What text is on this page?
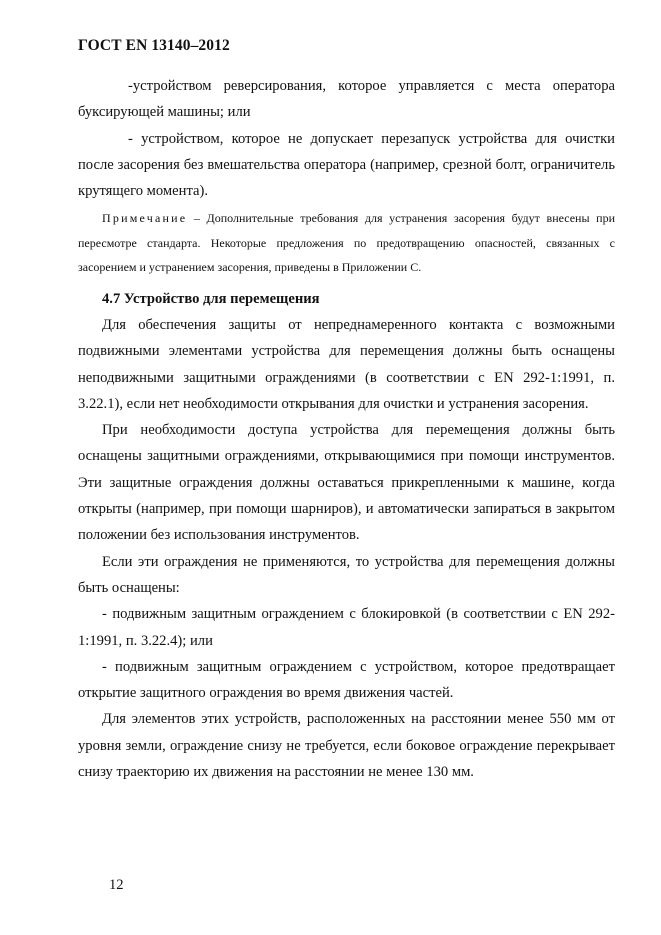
ГОСТ EN 13140–2012

-устройством реверсирования, которое управляется с места оператора буксирующей машины; или

- устройством, которое не допускает перезапуск устройства для очистки после засорения без вмешательства оператора (например, срезной болт, ограничитель крутящего момента).

Примечание – Дополнительные требования для устранения засорения будут внесены при пересмотре стандарта. Некоторые предложения по предотвращению опасностей, связанных с засорением и устранением засорения, приведены в Приложении С.

4.7 Устройство для перемещения

Для обеспечения защиты от непреднамеренного контакта с возможными подвижными элементами устройства для перемещения должны быть оснащены неподвижными защитными ограждениями (в соответствии с EN 292-1:1991, п. 3.22.1), если нет необходимости открывания для очистки и устранения засорения.

При необходимости доступа устройства для перемещения должны быть оснащены защитными ограждениями, открывающимися при помощи инструментов. Эти защитные ограждения должны оставаться прикрепленными к машине, когда открыты (например, при помощи шарниров), и автоматически запираться в закрытом положении без использования инструментов.

Если эти ограждения не применяются, то устройства для перемещения должны быть оснащены:

- подвижным защитным ограждением с блокировкой (в соответствии с EN 292-1:1991, п. 3.22.4); или

- подвижным защитным ограждением с устройством, которое предотвращает открытие защитного ограждения во время движения частей.

Для элементов этих устройств, расположенных на расстоянии менее 550 мм от уровня земли, ограждение снизу не требуется, если боковое ограждение перекрывает снизу траекторию их движения на расстоянии не менее 130 мм.

12
